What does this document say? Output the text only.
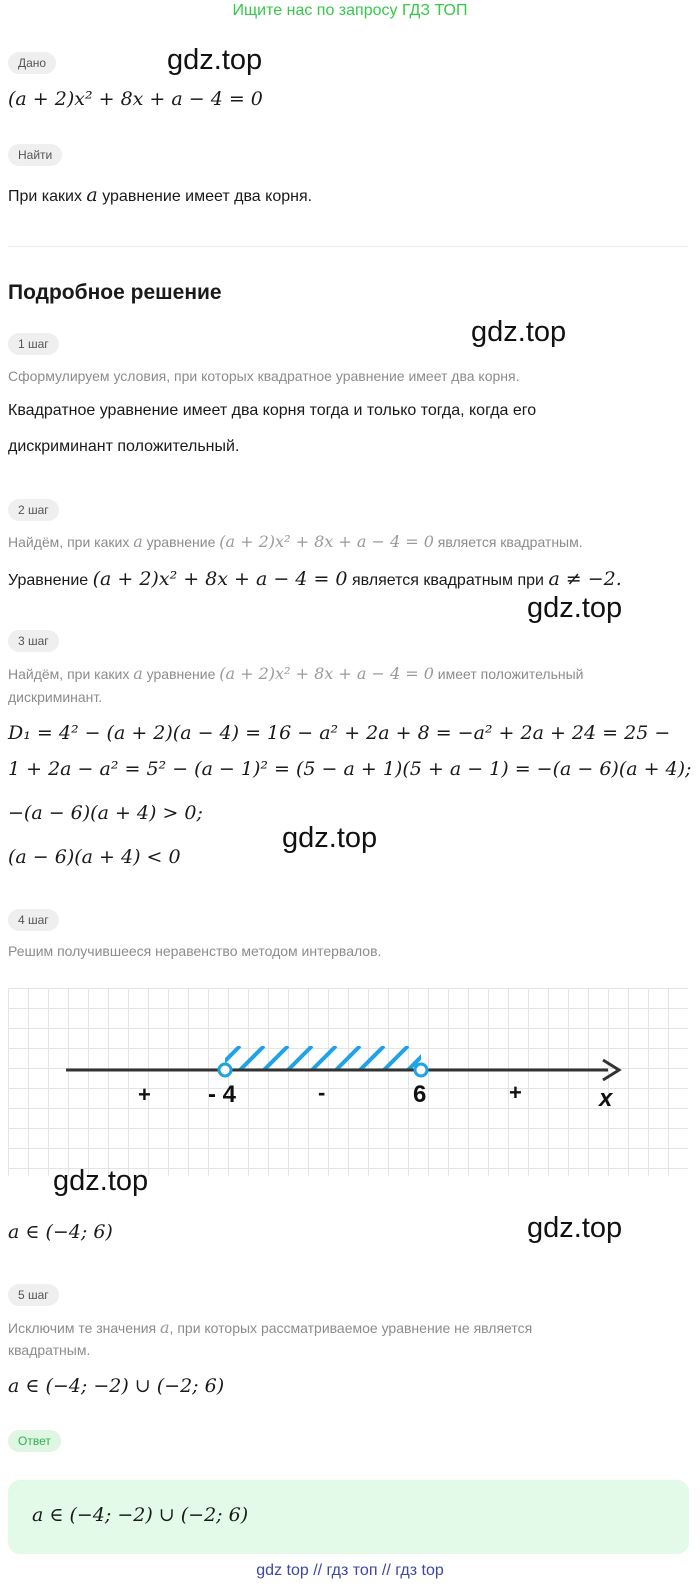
Ищите нас по запросу ГДЗ ТОП
gdz.top
Дано
(a + 2)x² + 8x + a − 4 = 0
Найти
При каких a уравнение имеет два корня.
Подробное решение
gdz.top
1 шаг
Сформулируем условия, при которых квадратное уравнение имеет два корня.
Квадратное уравнение имеет два корня тогда и только тогда, когда его
дискриминант положительный.
2 шаг
Найдём, при каких a уравнение (a + 2)x² + 8x + a − 4 = 0 является квадратным.
Уравнение (a + 2)x² + 8x + a − 4 = 0 является квадратным при a ≠ −2.
gdz.top
3 шаг
Найдём, при каких a уравнение (a + 2)x² + 8x + a − 4 = 0 имеет положительный
дискриминант.
D₁ = 4² − (a + 2)(a − 4) = 16 − a² + 2a + 8 = −a² + 2a + 24 = 25 −
1 + 2a − a² = 5² − (a − 1)² = (5 − a + 1)(5 + a − 1) = −(a − 6)(a + 4);
−(a − 6)(a + 4) > 0;
(a − 6)(a + 4) < 0
gdz.top
4 шаг
Решим получившееся неравенство методом интервалов.
- 4	6	x
+	-	+
gdz.top
a ∈ (−4; 6)	gdz.top
5 шаг
Исключим те значения a, при которых рассматриваемое уравнение не является
квадратным.
a ∈ (−4; −2) ∪ (−2; 6)
Ответ
a ∈ (−4; −2) ∪ (−2; 6)
gdz top // гдз топ // гдз top
